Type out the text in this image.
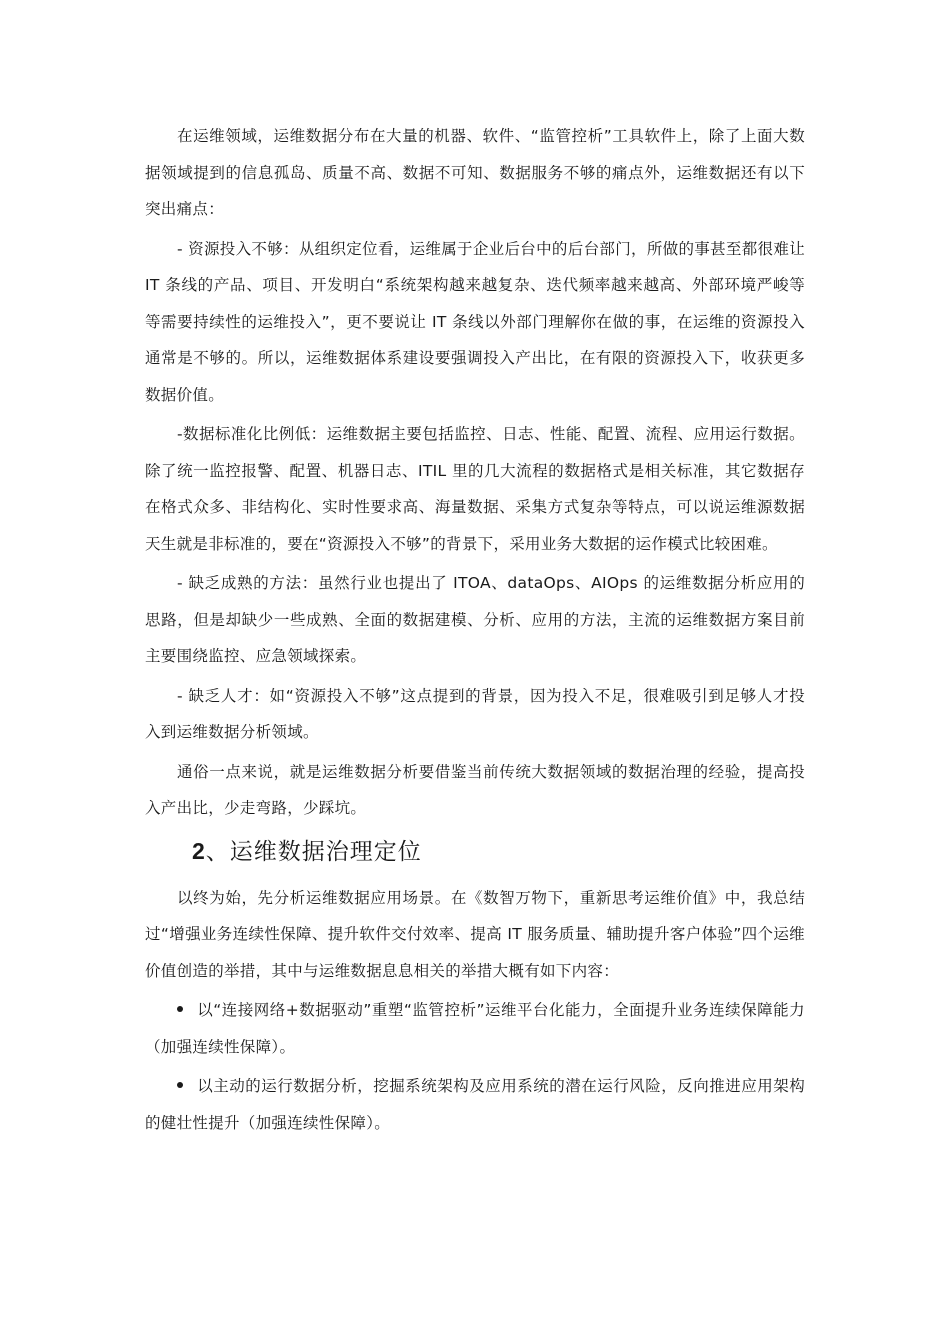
在运维领域，运维数据分布在大量的机器、软件、“监管控析”工具软件上，除了上面大数据领域提到的信息孤岛、质量不高、数据不可知、数据服务不够的痛点外，运维数据还有以下突出痛点：

- 资源投入不够：从组织定位看，运维属于企业后台中的后台部门，所做的事甚至都很难让 IT 条线的产品、项目、开发明白“系统架构越来越复杂、迭代频率越来越高、外部环境严峻等等需要持续性的运维投入”，更不要说让 IT 条线以外部门理解你在做的事，在运维的资源投入通常是不够的。所以，运维数据体系建设要强调投入产出比，在有限的资源投入下，收获更多数据价值。

-数据标准化比例低：运维数据主要包括监控、日志、性能、配置、流程、应用运行数据。除了统一监控报警、配置、机器日志、ITIL 里的几大流程的数据格式是相关标准，其它数据存在格式众多、非结构化、实时性要求高、海量数据、采集方式复杂等特点，可以说运维源数据天生就是非标准的，要在“资源投入不够”的背景下，采用业务大数据的运作模式比较困难。

- 缺乏成熟的方法：虽然行业也提出了 ITOA、dataOps、AIOps 的运维数据分析应用的思路，但是却缺少一些成熟、全面的数据建模、分析、应用的方法，主流的运维数据方案目前主要围绕监控、应急领域探索。

- 缺乏人才：如“资源投入不够”这点提到的背景，因为投入不足，很难吸引到足够人才投入到运维数据分析领域。

通俗一点来说，就是运维数据分析要借鉴当前传统大数据领域的数据治理的经验，提高投入产出比，少走弯路，少踩坑。

2、运维数据治理定位

以终为始，先分析运维数据应用场景。在《数智万物下，重新思考运维价值》中，我总结过“增强业务连续性保障、提升软件交付效率、提高 IT 服务质量、辅助提升客户体验”四个运维价值创造的举措，其中与运维数据息息相关的举措大概有如下内容：

以“连接网络+数据驱动”重塑“监管控析”运维平台化能力，全面提升业务连续保障能力（加强连续性保障）。

以主动的运行数据分析，挖掘系统架构及应用系统的潜在运行风险，反向推进应用架构的健壮性提升（加强连续性保障）。
